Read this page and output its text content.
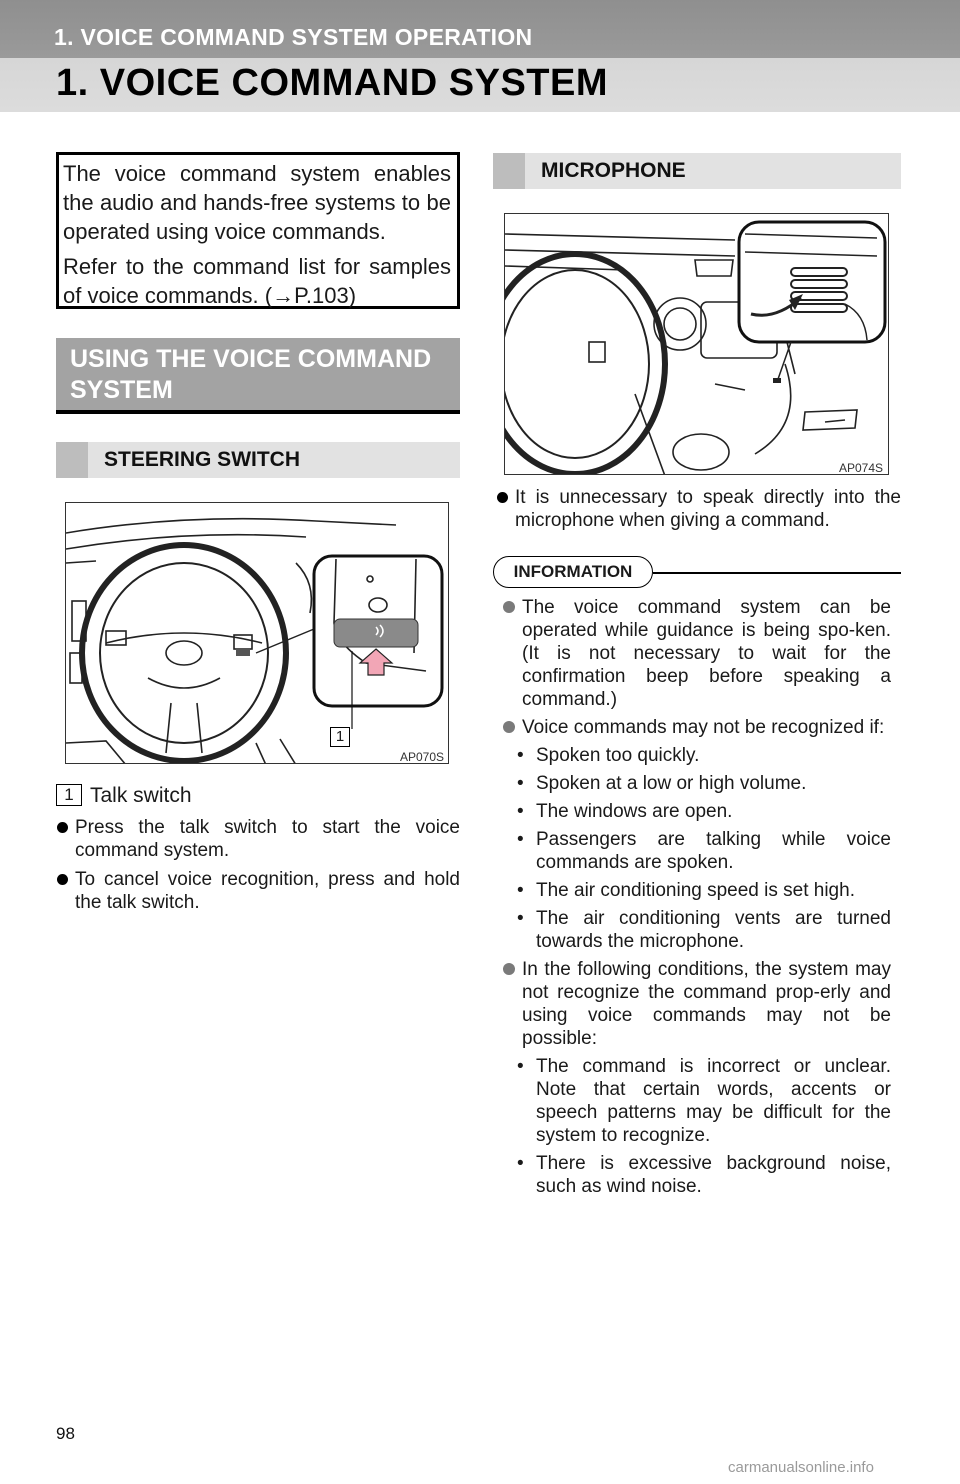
1. VOICE COMMAND SYSTEM OPERATION
1. VOICE COMMAND SYSTEM

The voice command system enables the audio and hands-free systems to be operated using voice commands.

Refer to the command list for samples of voice commands. (→P.103)

USING THE VOICE COMMAND SYSTEM
STEERING SWITCH
1
AP070S
1 Talk switch
Press the talk switch to start the voice command system.
To cancel voice recognition, press and hold the talk switch.
MICROPHONE
AP074S
It is unnecessary to speak directly into the microphone when giving a command.
INFORMATION
The voice command system can be operated while guidance is being spo-ken. (It is not necessary to wait for the confirmation beep before speaking a command.)
Voice commands may not be recognized if:
• Spoken too quickly.
• Spoken at a low or high volume.
• The windows are open.
• Passengers are talking while voice commands are spoken.
• The air conditioning speed is set high.
• The air conditioning vents are turned towards the microphone.
In the following conditions, the system may not recognize the command prop-erly and using voice commands may not be possible:
• The command is incorrect or unclear. Note that certain words, accents or speech patterns may be difficult for the system to recognize.
• There is excessive background noise, such as wind noise.
98
carmanualsonline.info
